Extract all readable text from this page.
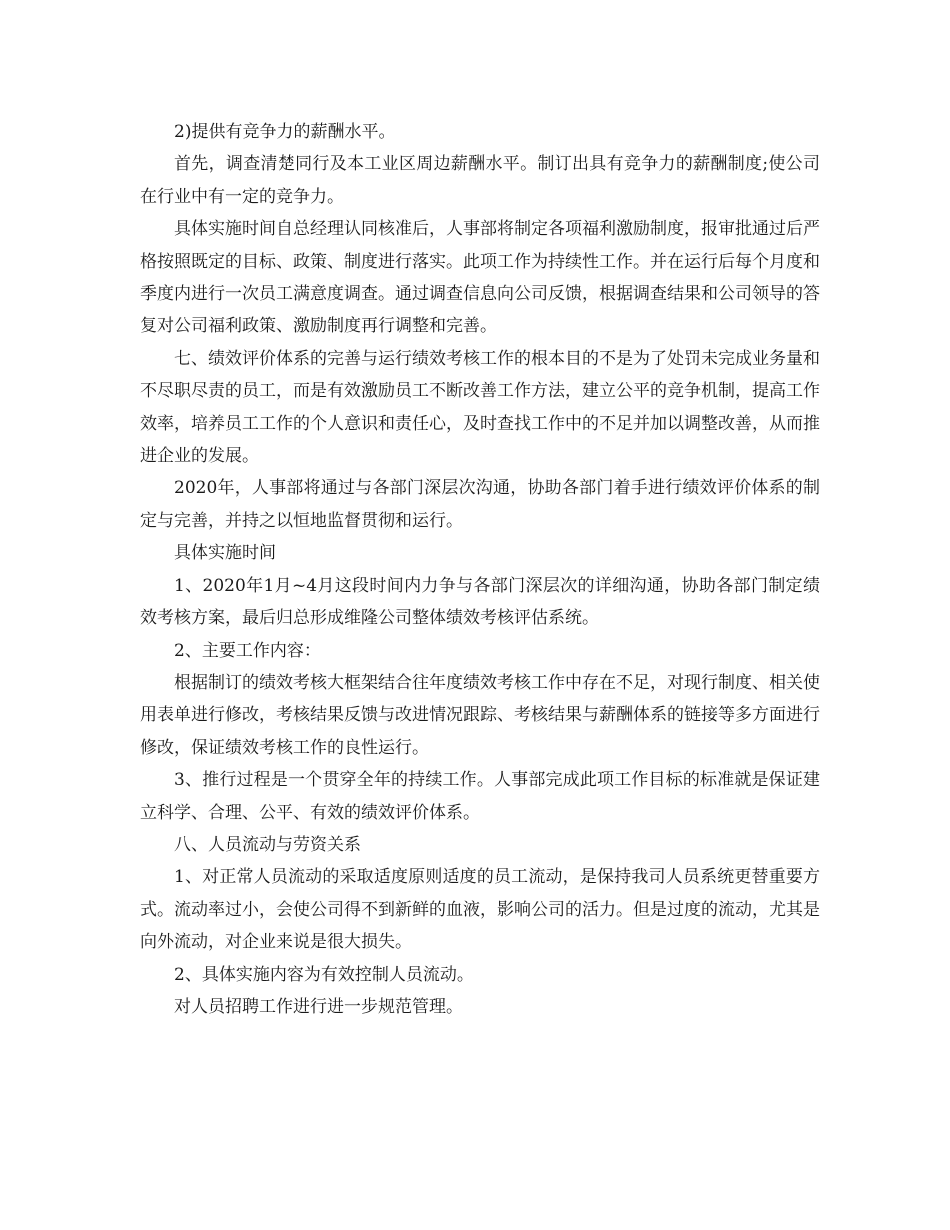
2)提供有竞争力的薪酬水平。

首先，调查清楚同行及本工业区周边薪酬水平。制订出具有竞争力的薪酬制度;使公司在行业中有一定的竞争力。

具体实施时间自总经理认同核准后，人事部将制定各项福利激励制度，报审批通过后严格按照既定的目标、政策、制度进行落实。此项工作为持续性工作。并在运行后每个月度和季度内进行一次员工满意度调查。通过调查信息向公司反馈，根据调查结果和公司领导的答复对公司福利政策、激励制度再行调整和完善。

七、绩效评价体系的完善与运行绩效考核工作的根本目的不是为了处罚未完成业务量和不尽职尽责的员工，而是有效激励员工不断改善工作方法，建立公平的竞争机制，提高工作效率，培养员工工作的个人意识和责任心，及时查找工作中的不足并加以调整改善，从而推进企业的发展。

2020年，人事部将通过与各部门深层次沟通，协助各部门着手进行绩效评价体系的制定与完善，并持之以恒地监督贯彻和运行。

具体实施时间

1、2020年1月~4月这段时间内力争与各部门深层次的详细沟通，协助各部门制定绩效考核方案，最后归总形成维隆公司整体绩效考核评估系统。

2、主要工作内容：

根据制订的绩效考核大框架结合往年度绩效考核工作中存在不足，对现行制度、相关使用表单进行修改，考核结果反馈与改进情况跟踪、考核结果与薪酬体系的链接等多方面进行修改，保证绩效考核工作的良性运行。

3、推行过程是一个贯穿全年的持续工作。人事部完成此项工作目标的标准就是保证建立科学、合理、公平、有效的绩效评价体系。

八、人员流动与劳资关系

1、对正常人员流动的采取适度原则适度的员工流动，是保持我司人员系统更替重要方式。流动率过小，会使公司得不到新鲜的血液，影响公司的活力。但是过度的流动，尤其是向外流动，对企业来说是很大损失。

2、具体实施内容为有效控制人员流动。

对人员招聘工作进行进一步规范管理。
